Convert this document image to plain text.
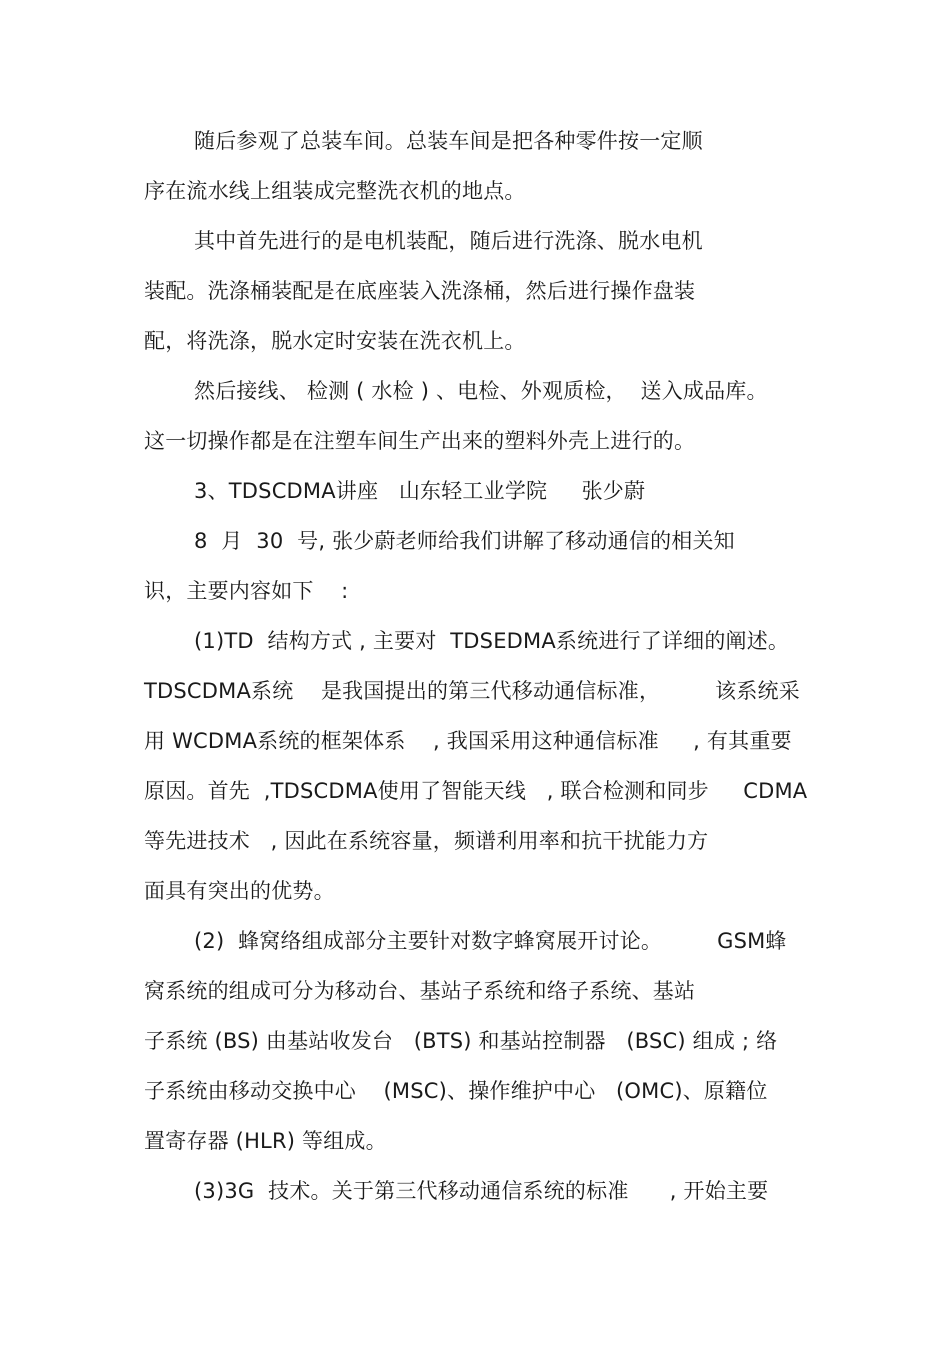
随后参观了总装车间。总装车间是把各种零件按一定顺
序在流水线上组装成完整洗衣机的地点。
其中首先进行的是电机装配，随后进行洗涤、脱水电机
装配。洗涤桶装配是在底座装入洗涤桶，然后进行操作盘装
配，将洗涤，脱水定时安装在洗衣机上。
然后接线、 检测 ( 水检 ) 、电检、外观质检，  送入成品库。
这一切操作都是在注塑车间生产出来的塑料外壳上进行的。
3、TDSCDMA讲座   山东轻工业学院     张少蔚
8  月  30  号, 张少蔚老师给我们讲解了移动通信的相关知
识，主要内容如下    :
(1)TD  结构方式 , 主要对  TDSEDMA系统进行了详细的阐述。
TDSCDMA系统    是我国提出的第三代移动通信标准，        该系统采
用 WCDMA系统的框架体系    , 我国采用这种通信标准     , 有其重要
原因。首先  ,TDSCDMA使用了智能天线   , 联合检测和同步     CDMA
等先进技术   , 因此在系统容量，频谱利用率和抗干扰能力方
面具有突出的优势。
(2)  蜂窝络组成部分主要针对数字蜂窝展开讨论。        GSM蜂
窝系统的组成可分为移动台、基站子系统和络子系统、基站
子系统 (BS) 由基站收发台   (BTS) 和基站控制器   (BSC) 组成 ; 络
子系统由移动交换中心    (MSC)、操作维护中心   (OMC)、原籍位
置寄存器 (HLR) 等组成。
(3)3G  技术。关于第三代移动通信系统的标准      , 开始主要
